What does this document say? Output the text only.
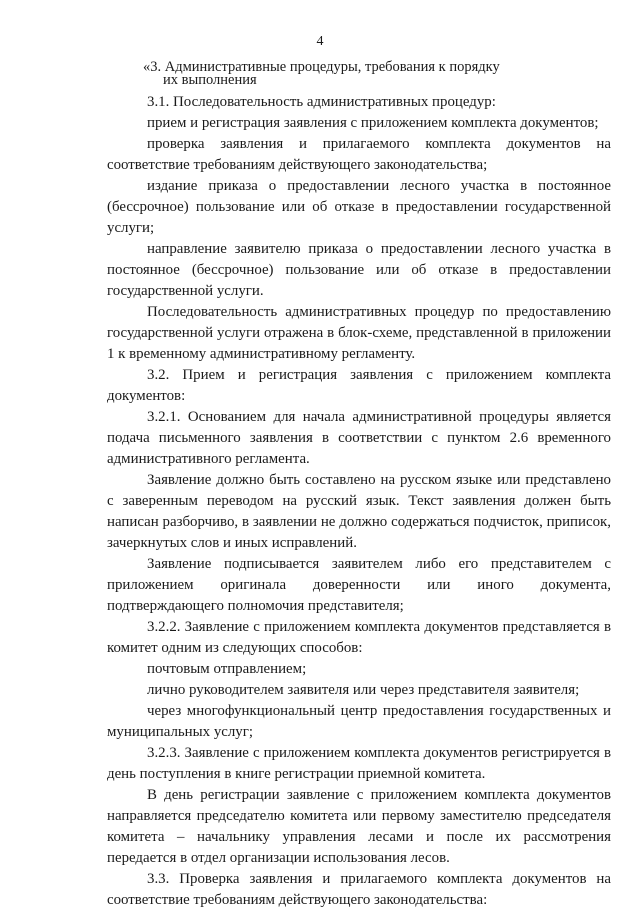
4
«3. Административные процедуры, требования к порядку
их выполнения

3.1. Последовательность административных процедур:

прием и регистрация заявления с приложением комплекта документов;

проверка заявления и прилагаемого комплекта документов на соответствие требованиям действующего законодательства;

издание приказа о предоставлении лесного участка в постоянное (бессрочное) пользование или об отказе в предоставлении государственной услуги;

направление заявителю приказа о предоставлении лесного участка в постоянное (бессрочное) пользование или об отказе в предоставлении государственной услуги.

Последовательность административных процедур по предоставлению государственной услуги отражена в блок-схеме, представленной в приложении 1 к временному административному регламенту.

3.2. Прием и регистрация заявления с приложением комплекта документов:

3.2.1. Основанием для начала административной процедуры является подача письменного заявления в соответствии с пунктом 2.6 временного административного регламента.

Заявление должно быть составлено на русском языке или представлено с заверенным переводом на русский язык. Текст заявления должен быть написан разборчиво, в заявлении не должно содержаться подчисток, приписок, зачеркнутых слов и иных исправлений.

Заявление подписывается заявителем либо его представителем с приложением оригинала доверенности или иного документа, подтверждающего полномочия представителя;

3.2.2. Заявление с приложением комплекта документов представляется в комитет одним из следующих способов:

почтовым отправлением;

лично руководителем заявителя или через представителя заявителя;

через многофункциональный центр предоставления государственных и муниципальных услуг;

3.2.3. Заявление с приложением комплекта документов регистрируется в день поступления в книге регистрации приемной комитета.

В день регистрации заявление с приложением комплекта документов направляется председателю комитета или первому заместителю председателя комитета – начальнику управления лесами и после их рассмотрения передается в отдел организации использования лесов.

3.3. Проверка заявления и прилагаемого комплекта документов на соответствие требованиям действующего законодательства:
